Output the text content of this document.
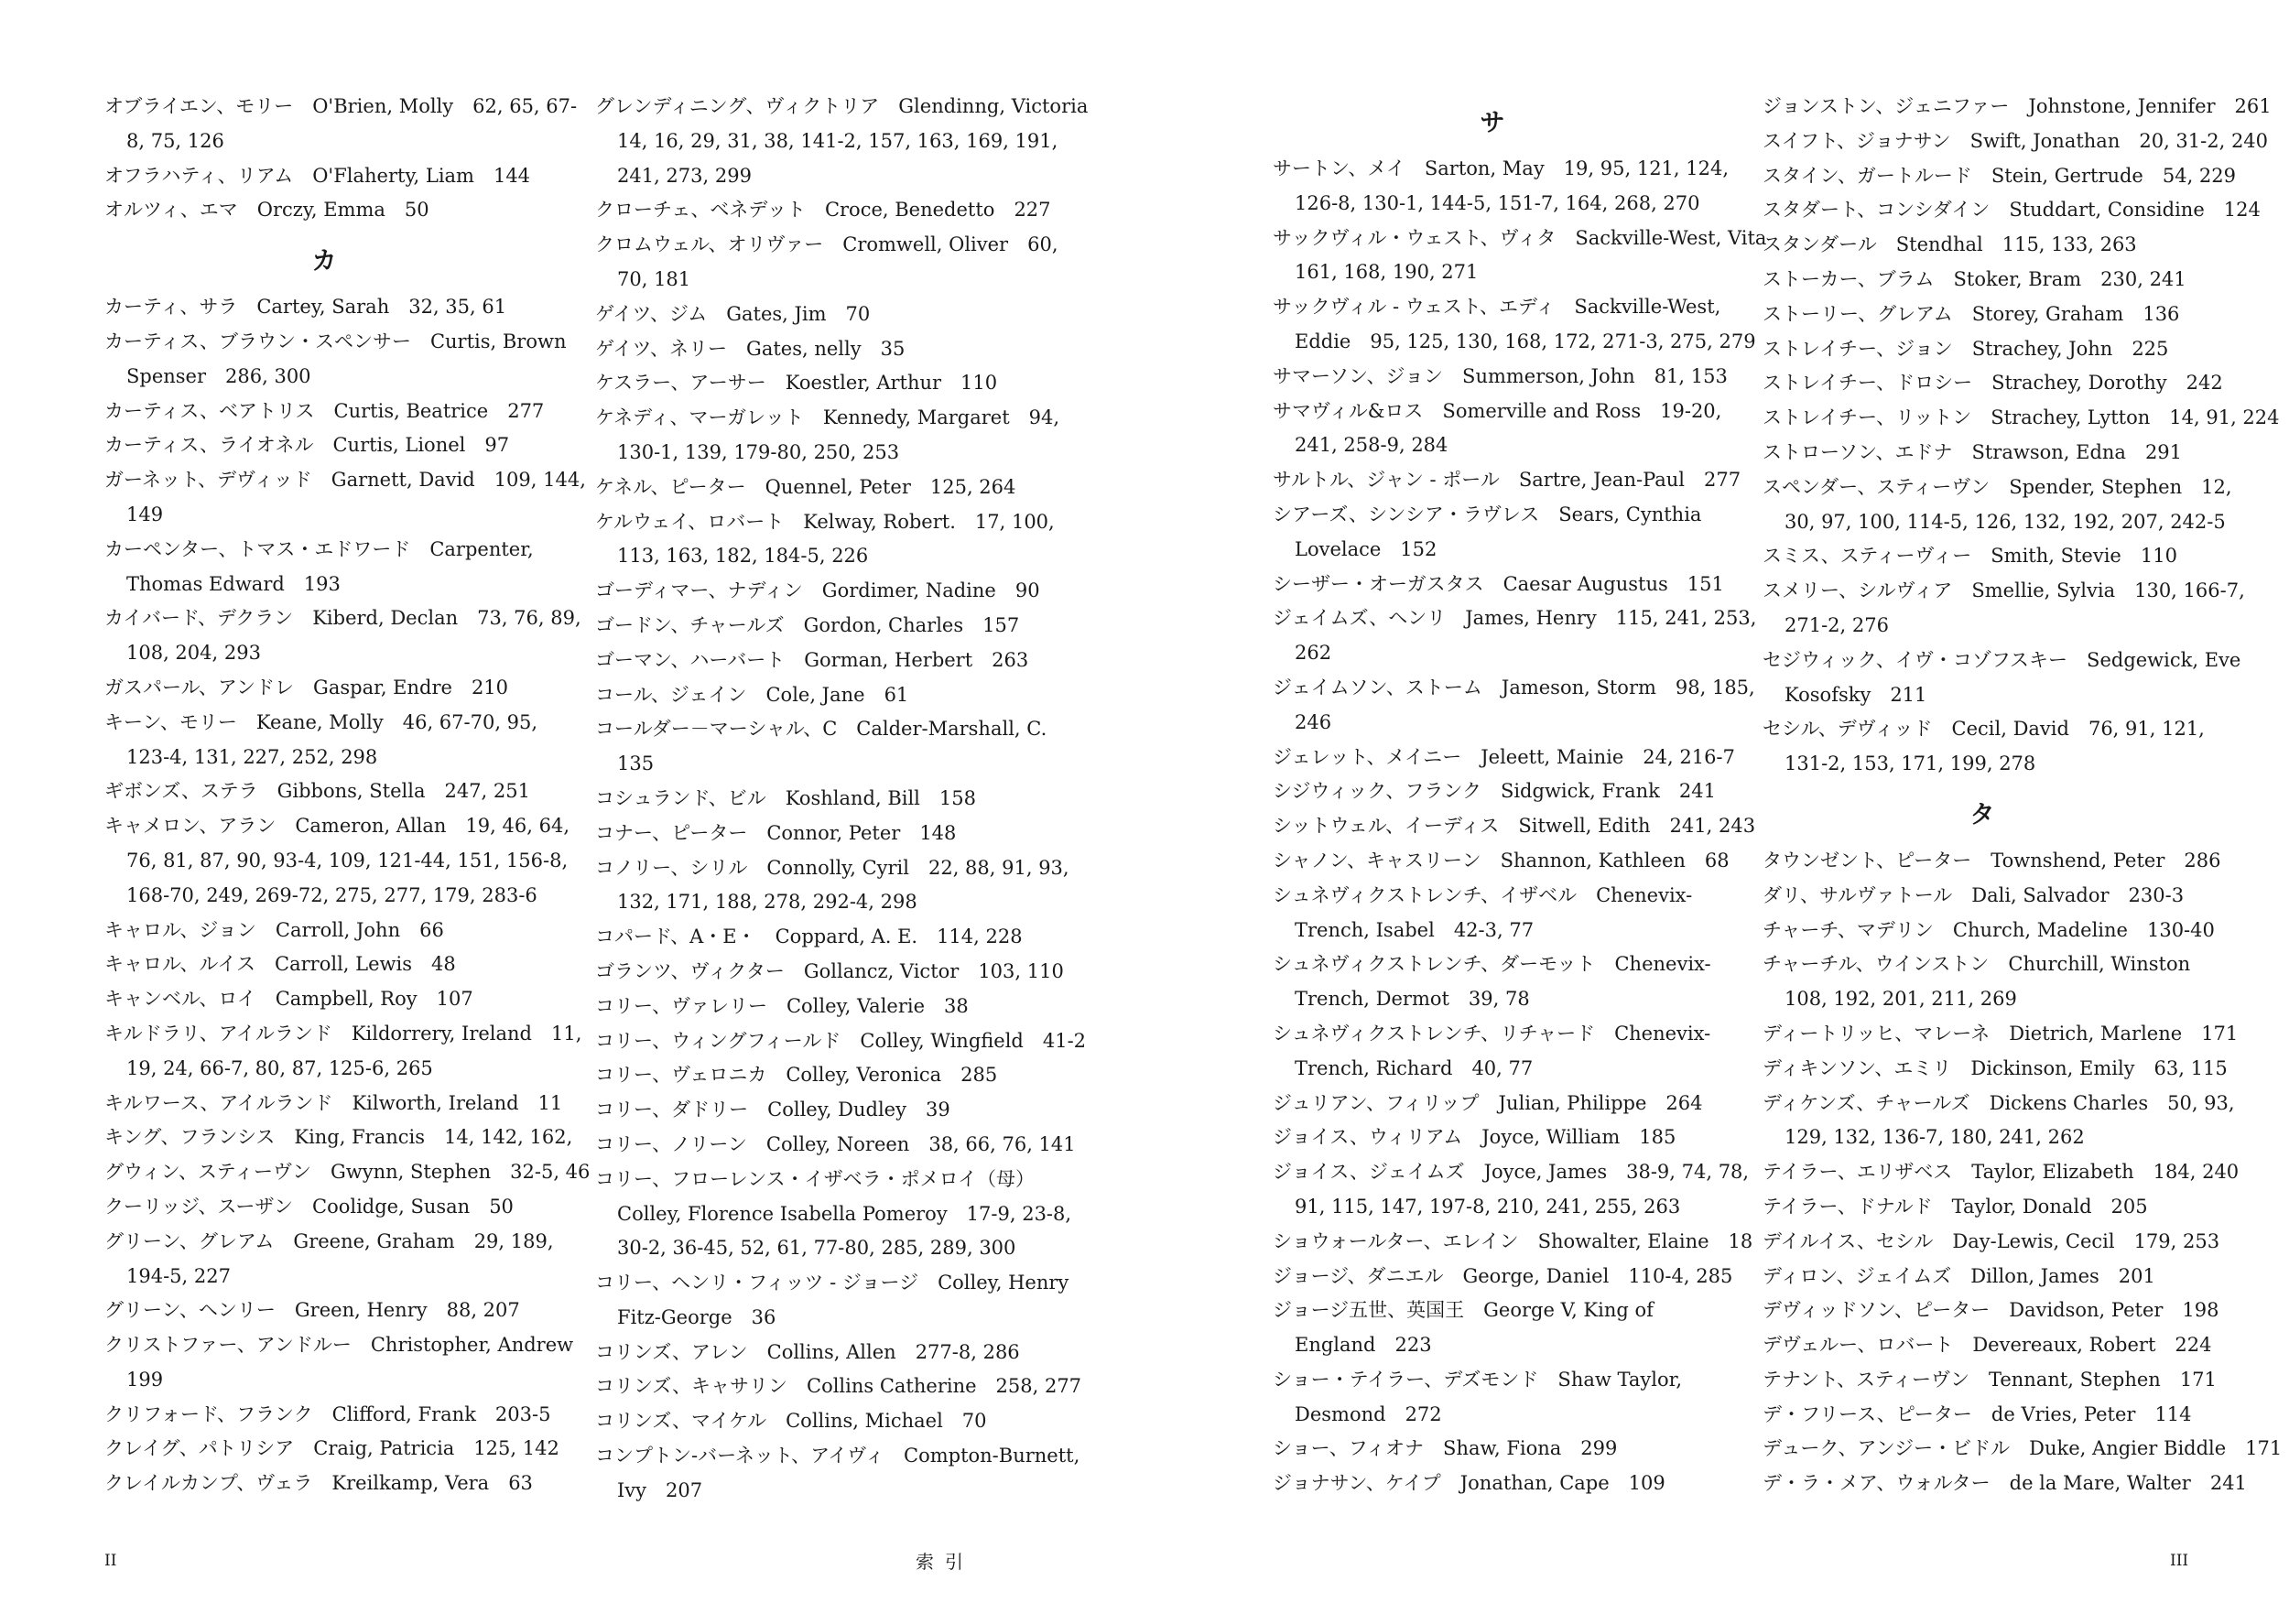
オブライエン、モリー　O'Brien, Molly　62, 65, 67-
8, 75, 126
オフラハティ、リアム　O'Flaherty, Liam　144
オルツィ、エマ　Orczy, Emma　50
カ
カーティ、サラ　Cartey, Sarah　32, 35, 61
カーティス、ブラウン・スペンサー　Curtis, Brown
Spenser　286, 300
カーティス、ベアトリス　Curtis, Beatrice　277
カーティス、ライオネル　Curtis, Lionel　97
ガーネット、デヴィッド　Garnett, David　109, 144,
149
カーペンター、トマス・エドワード　Carpenter,
Thomas Edward　193
カイバード、デクラン　Kiberd, Declan　73, 76, 89,
108, 204, 293
ガスパール、アンドレ　Gaspar, Endre　210
キーン、モリー　Keane, Molly　46, 67-70, 95,
123-4, 131, 227, 252, 298
ギボンズ、ステラ　Gibbons, Stella　247, 251
キャメロン、アラン　Cameron, Allan　19, 46, 64,
76, 81, 87, 90, 93-4, 109, 121-44, 151, 156-8,
168-70, 249, 269-72, 275, 277, 179, 283-6
キャロル、ジョン　Carroll, John　66
キャロル、ルイス　Carroll, Lewis　48
キャンベル、ロイ　Campbell, Roy　107
キルドラリ、アイルランド　Kildorrery, Ireland　11,
19, 24, 66-7, 80, 87, 125-6, 265
キルワース、アイルランド　Kilworth, Ireland　11
キング、フランシス　King, Francis　14, 142, 162,
グウィン、スティーヴン　Gwynn, Stephen　32-5, 46
クーリッジ、スーザン　Coolidge, Susan　50
グリーン、グレアム　Greene, Graham　29, 189,
194-5, 227
グリーン、ヘンリー　Green, Henry　88, 207
クリストファー、アンドルー　Christopher, Andrew
199
クリフォード、フランク　Clifford, Frank　203-5
クレイグ、パトリシア　Craig, Patricia　125, 142
クレイルカンプ、ヴェラ　Kreilkamp, Vera　63
グレンディニング、ヴィクトリア　Glendinng, Victoria
14, 16, 29, 31, 38, 141-2, 157, 163, 169, 191,
241, 273, 299
クローチェ、ベネデット　Croce, Benedetto　227
クロムウェル、オリヴァー　Cromwell, Oliver　60,
70, 181
ゲイツ、ジム　Gates, Jim　70
ゲイツ、ネリー　Gates, nelly　35
ケスラー、アーサー　Koestler, Arthur　110
ケネディ、マーガレット　Kennedy, Margaret　94,
130-1, 139, 179-80, 250, 253
ケネル、ピーター　Quennel, Peter　125, 264
ケルウェイ、ロバート　Kelway, Robert.　17, 100,
113, 163, 182, 184-5, 226
ゴーディマー、ナディン　Gordimer, Nadine　90
ゴードン、チャールズ　Gordon, Charles　157
ゴーマン、ハーバート　Gorman, Herbert　263
コール、ジェイン　Cole, Jane　61
コールダー－マーシャル、C　Calder-Marshall, C.
135
コシュランド、ビル　Koshland, Bill　158
コナー、ピーター　Connor, Peter　148
コノリー、シリル　Connolly, Cyril　22, 88, 91, 93,
132, 171, 188, 278, 292-4, 298
コパード、A・E・　Coppard, A. E.　114, 228
ゴランツ、ヴィクター　Gollancz, Victor　103, 110
コリー、ヴァレリー　Colley, Valerie　38
コリー、ウィングフィールド　Colley, Wingfield　41-2
コリー、ヴェロニカ　Colley, Veronica　285
コリー、ダドリー　Colley, Dudley　39
コリー、ノリーン　Colley, Noreen　38, 66, 76, 141
コリー、フローレンス・イザベラ・ポメロイ（母）
Colley, Florence Isabella Pomeroy　17-9, 23-8,
30-2, 36-45, 52, 61, 77-80, 285, 289, 300
コリー、ヘンリ・フィッツ - ジョージ　Colley, Henry
Fitz-George　36
コリンズ、アレン　Collins, Allen　277-8, 286
コリンズ、キャサリン　Collins Catherine　258, 277
コリンズ、マイケル　Collins, Michael　70
コンプトン-バーネット、アイヴィ　Compton-Burnett,
Ivy　207
サ
サートン、メイ　Sarton, May　19, 95, 121, 124,
126-8, 130-1, 144-5, 151-7, 164, 268, 270
サックヴィル・ウェスト、ヴィタ　Sackville-West, Vita
161, 168, 190, 271
サックヴィル - ウェスト、エディ　Sackville-West,
Eddie　95, 125, 130, 168, 172, 271-3, 275, 279
サマーソン、ジョン　Summerson, John　81, 153
サマヴィル&ロス　Somerville and Ross　19-20,
241, 258-9, 284
サルトル、ジャン - ポール　Sartre, Jean-Paul　277
シアーズ、シンシア・ラヴレス　Sears, Cynthia
Lovelace　152
シーザー・オーガスタス　Caesar Augustus　151
ジェイムズ、ヘンリ　James, Henry　115, 241, 253,
262
ジェイムソン、ストーム　Jameson, Storm　98, 185,
246
ジェレット、メイニー　Jeleett, Mainie　24, 216-7
シジウィック、フランク　Sidgwick, Frank　241
シットウェル、イーディス　Sitwell, Edith　241, 243
シャノン、キャスリーン　Shannon, Kathleen　68
シュネヴィクストレンチ、イザベル　Chenevix-
Trench, Isabel　42-3, 77
シュネヴィクストレンチ、ダーモット　Chenevix-
Trench, Dermot　39, 78
シュネヴィクストレンチ、リチャード　Chenevix-
Trench, Richard　40, 77
ジュリアン、フィリップ　Julian, Philippe　264
ジョイス、ウィリアム　Joyce, William　185
ジョイス、ジェイムズ　Joyce, James　38-9, 74, 78,
91, 115, 147, 197-8, 210, 241, 255, 263
ショウォールター、エレイン　Showalter, Elaine　18
ジョージ、ダニエル　George, Daniel　110-4, 285
ジョージ五世、英国王　George V, King of
England　223
ショー・テイラー、デズモンド　Shaw Taylor,
Desmond　272
ショー、フィオナ　Shaw, Fiona　299
ジョナサン、ケイプ　Jonathan, Cape　109
ジョンストン、ジェニファー　Johnstone, Jennifer　261
スイフト、ジョナサン　Swift, Jonathan　20, 31-2, 240
スタイン、ガートルード　Stein, Gertrude　54, 229
スタダート、コンシダイン　Studdart, Considine　124
スタンダール　Stendhal　115, 133, 263
ストーカー、ブラム　Stoker, Bram　230, 241
ストーリー、グレアム　Storey, Graham　136
ストレイチー、ジョン　Strachey, John　225
ストレイチー、ドロシー　Strachey, Dorothy　242
ストレイチー、リットン　Strachey, Lytton　14, 91, 224
ストローソン、エドナ　Strawson, Edna　291
スペンダー、スティーヴン　Spender, Stephen　12,
30, 97, 100, 114-5, 126, 132, 192, 207, 242-5
スミス、スティーヴィー　Smith, Stevie　110
スメリー、シルヴィア　Smellie, Sylvia　130, 166-7,
271-2, 276
セジウィック、イヴ・コゾフスキー　Sedgewick, Eve
Kosofsky　211
セシル、デヴィッド　Cecil, David　76, 91, 121,
131-2, 153, 171, 199, 278
タ
タウンゼント、ピーター　Townshend, Peter　286
ダリ、サルヴァトール　Dali, Salvador　230-3
チャーチ、マデリン　Church, Madeline　130-40
チャーチル、ウインストン　Churchill, Winston
108, 192, 201, 211, 269
ディートリッヒ、マレーネ　Dietrich, Marlene　171
ディキンソン、エミリ　Dickinson, Emily　63, 115
ディケンズ、チャールズ　Dickens Charles　50, 93,
129, 132, 136-7, 180, 241, 262
テイラー、エリザベス　Taylor, Elizabeth　184, 240
テイラー、ドナルド　Taylor, Donald　205
デイルイス、セシル　Day-Lewis, Cecil　179, 253
ディロン、ジェイムズ　Dillon, James　201
デヴィッドソン、ピーター　Davidson, Peter　198
デヴェルー、ロバート　Devereaux, Robert　224
テナント、スティーヴン　Tennant, Stephen　171
デ・フリース、ピーター　de Vries, Peter　114
デューク、アンジー・ビドル　Duke, Angier Biddle　171
デ・ラ・メア、ウォルター　de la Mare, Walter　241
II	索引	III
